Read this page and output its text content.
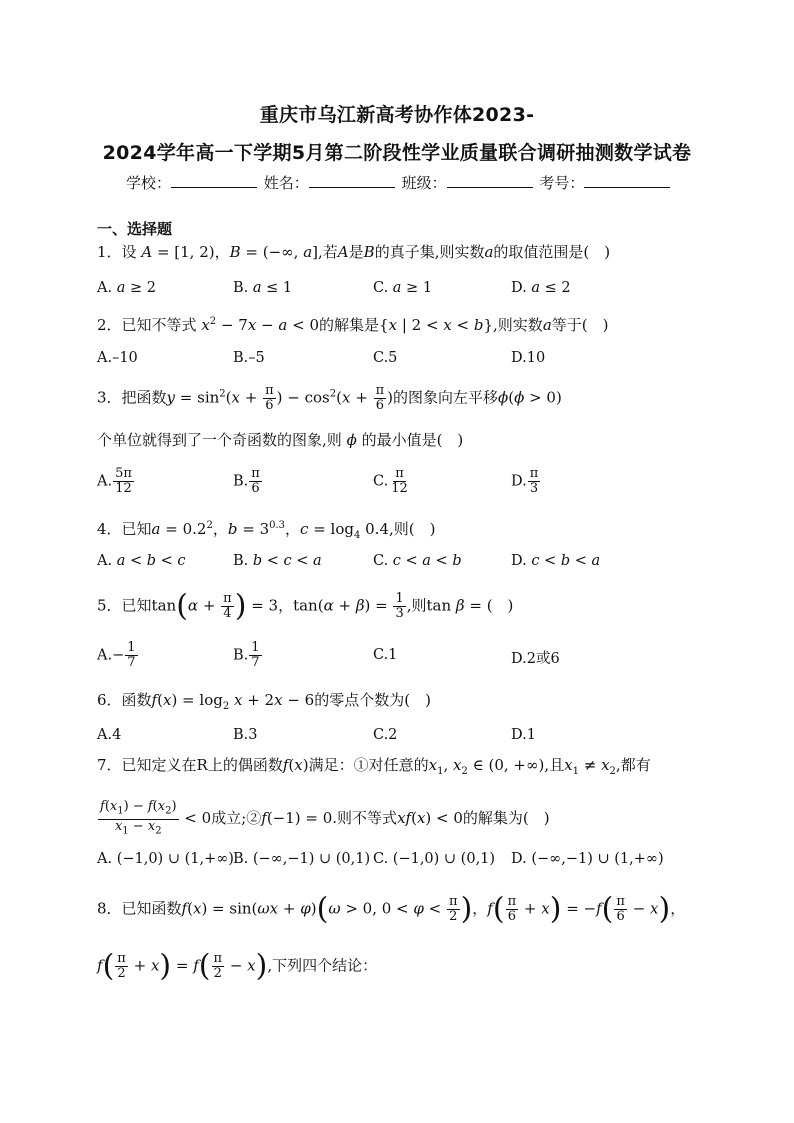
重庆市乌江新高考协作体2023-
2024学年高一下学期5月第二阶段性学业质量联合调研抽测数学试卷
学校：	姓名：	班级：	考号：
一、选择题
1．设 A = [1, 2)，B = (−∞, a],若A是B的真子集,则实数a的取值范围是(　)
A. a ≥ 2	B. a ≤ 1	C. a ≥ 1	D. a ≤ 2
2．已知不等式 $x^2 - 7x - a < 0$的解集是{x | 2 < x < b},则实数a等于(　)
A.–10	B.–5	C.5	D.10
3．把函数$y = \sin^2(x + \frac{\pi}{6}$ ) − $\cos^2(x + \frac{\pi}{6}$ )的图象向左平移ϕ(ϕ > 0)
个单位就得到了一个奇函数的图象,则 ϕ 的最小值是(　)
A. $\frac{5\pi}{12}$	B. $\frac{\pi}{6}$	C. $\frac{\pi}{12}$	D. $\frac{\pi}{3}$
4．已知$a = 0.2^2$，$b = 3^{0.3}$，$c = \log_4 0.4$,则(　)
A. a < b < c	B. b < c < a	C. c < a < b	D. c < b < a
5．已知$\tan(\alpha + \frac{\pi}{4}$ ) = 3，$\tan(\alpha + \beta) = \frac{1}{3}$ ,则tan β = (　)
$A.- \frac{1}{7}$	B. $\frac{1}{7}$	C.1	D.2或6
6．函数$f(x) = \log_2 x + 2x - 6$的零点个数为(　)
A.4	B.3	C.2	D.1
7．已知定义在R上的偶函数f(x)满足：①对任意的$x_1$, $x_2$ ∈ (0, +∞),且$x_1 \ne x_2$,都有
$\frac{f(x_1) - f(x_2)}{x_1 - x_2} < 0$成立;②f(−1) = 0.则不等式xf(x) < 0的解集为(　)
A. (−1,0) ∪ (1,+∞) B. (−∞,−1) ∪ (0,1) C. (−1,0) ∪ (0,1) D. (−∞,−1) ∪ (1,+∞)
8．已知函数f(x) = sin(ωx + φ)(ω > 0, $0 < \varphi < \frac{\pi}{2}$ )，$f( \frac{\pi}{6} + x) = -f( \frac{\pi}{6} - x)$，
$f( \frac{\pi}{2} + x) = f( \frac{\pi}{2} - x)$,下列四个结论：
